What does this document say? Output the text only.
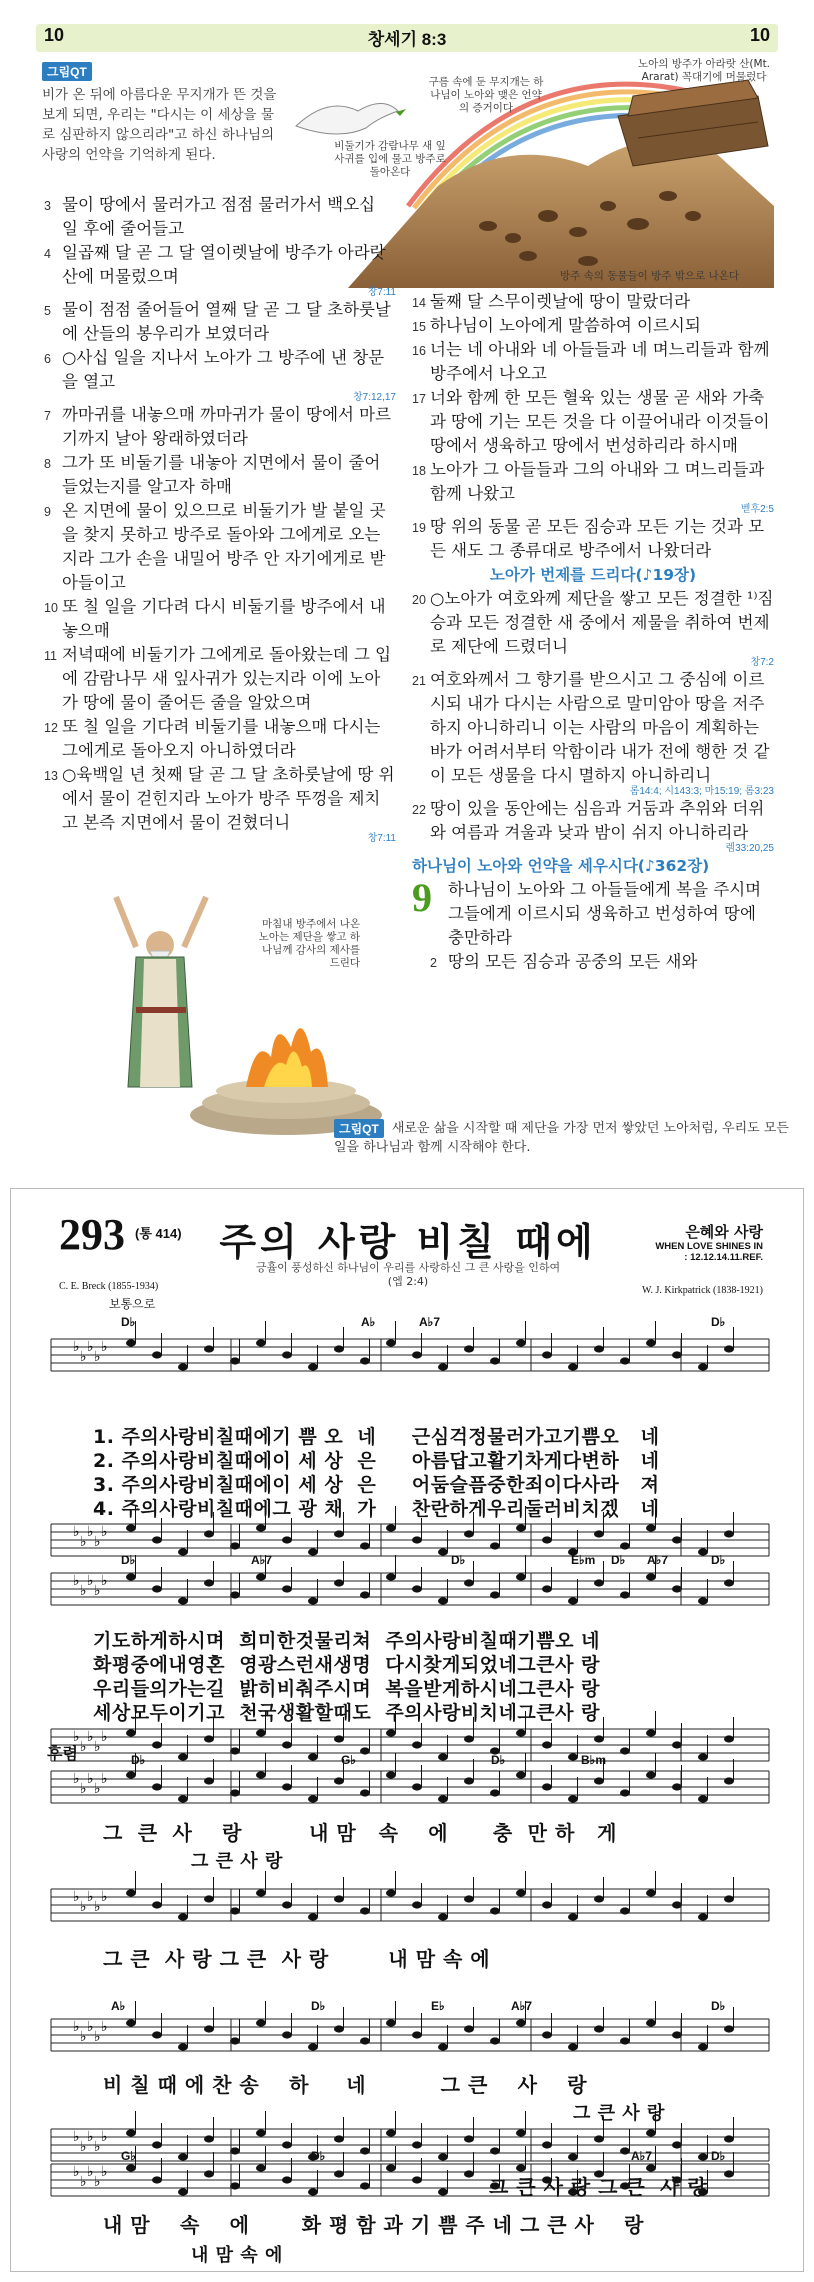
10	창세기 8:3	10
그림QT
비가 온 뒤에 아름다운 무지개가 뜬 것을 보게 되면, 우리는 "다시는 이 세상을 물로 심판하지 않으리라"고 하신 하나님의 사랑의 언약을 기억하게 된다.
노아의 방주가 아라랏 산(Mt. Ararat) 꼭대기에 머물렀다
구름 속에 둔 무지개는 하나님이 노아와 맺은 언약의 증거이다
비둘기가 감람나무 새 잎사귀를 입에 물고 방주로 돌아온다
방주 속의 동물들이 방주 밖으로 나온다
3 물이 땅에서 물러가고 점점 물러가서 백오십 일 후에 줄어들고
4 일곱째 달 곧 그 달 열이렛날에 방주가 아라랏 산에 머물렀으며
창7:11
5 물이 점점 줄어들어 열째 달 곧 그 달 초하룻날에 산들의 봉우리가 보였더라
6 ○사십 일을 지나서 노아가 그 방주에 낸 창문을 열고
창7:12,17
7 까마귀를 내놓으매 까마귀가 물이 땅에서 마르기까지 날아 왕래하였더라
8 그가 또 비둘기를 내놓아 지면에서 물이 줄어들었는지를 알고자 하매
9 온 지면에 물이 있으므로 비둘기가 발 붙일 곳을 찾지 못하고 방주로 돌아와 그에게로 오는지라 그가 손을 내밀어 방주 안 자기에게로 받아들이고
10 또 칠 일을 기다려 다시 비둘기를 방주에서 내놓으매
11 저녁때에 비둘기가 그에게로 돌아왔는데 그 입에 감람나무 새 잎사귀가 있는지라 이에 노아가 땅에 물이 줄어든 줄을 알았으며
12 또 칠 일을 기다려 비둘기를 내놓으매 다시는 그에게로 돌아오지 아니하였더라
13 ○육백일 년 첫째 달 곧 그 달 초하룻날에 땅 위에서 물이 걷힌지라 노아가 방주 뚜껑을 제치고 본즉 지면에서 물이 걷혔더니
창7:11
14 둘째 달 스무이렛날에 땅이 말랐더라
15 하나님이 노아에게 말씀하여 이르시되
16 너는 네 아내와 네 아들들과 네 며느리들과 함께 방주에서 나오고
17 너와 함께 한 모든 혈육 있는 생물 곧 새와 가축과 땅에 기는 모든 것을 다 이끌어내라 이것들이 땅에서 생육하고 땅에서 번성하리라 하시매
18 노아가 그 아들들과 그의 아내와 그 며느리들과 함께 나왔고
벧후2:5
19 땅 위의 동물 곧 모든 짐승과 모든 기는 것과 모든 새도 그 종류대로 방주에서 나왔더라
노아가 번제를 드리다(♪19장)
20 ○노아가 여호와께 제단을 쌓고 모든 정결한 ¹⁾짐승과 모든 정결한 새 중에서 제물을 취하여 번제로 제단에 드렸더니
창7:2
21 여호와께서 그 향기를 받으시고 그 중심에 이르시되 내가 다시는 사람으로 말미암아 땅을 저주하지 아니하리니 이는 사람의 마음이 계획하는 바가 어려서부터 악함이라 내가 전에 행한 것 같이 모든 생물을 다시 멸하지 아니하리니
롬14:4; 시143:3; 마15:19; 롬3:23
22 땅이 있을 동안에는 심음과 거둠과 추위와 더위와 여름과 겨울과 낮과 밤이 쉬지 아니하리라
렘33:20,25
하나님이 노아와 언약을 세우시다(♪362장)
9 하나님이 노아와 그 아들들에게 복을 주시며 그들에게 이르시되 생육하고 번성하여 땅에 충만하라
2 땅의 모든 짐승과 공중의 모든 새와
마침내 방주에서 나온 노아는 제단을 쌓고 하나님께 감사의 제사를 드린다
그림QT	새로운 삶을 시작할 때 제단을 가장 먼저 쌓았던 노아처럼, 우리도 모든 일을 하나님과 함께 시작해야 한다.
293 (통 414) 주의 사랑 비칠 때에	은혜와 사랑
WHEN LOVE SHINES IN
: 12.12.14.11.REF.
긍휼이 풍성하신 하나님이 우리를 사랑하신 그 큰 사랑을 인하여
(엡 2:4)
C. E. Breck (1855-1934)
보통으로
W. J. Kirkpatrick (1838-1921)
♭
♭
♭
♭
♭
♭
♭
♭
♭
♭
♭
♭
♭
♭
♭
♭
♭
♭
♭
♭
♭
♭
♭
♭
♭
♭
♭
♭
♭
♭
♭
♭
♭
♭
♭
♭
♭
♭
♭
♭
♭
♭
♭
♭
♭
D♭	A♭	A♭7	D♭
D♭	A♭7	D♭	E♭m D♭ A♭7	D♭
D♭	G♭	D♭	B♭m
A♭	D♭	E♭	A♭7	D♭
G♭	D♭	A♭7	D♭
1. 주의사랑비칠때에기 쁨 오  네     근심걱정물러가고기쁨오   네
2. 주의사랑비칠때에이 세 상  은     아름답고활기차게다변하   네
3. 주의사랑비칠때에이 세 상  은     어둠슬픔중한죄이다사라   져
4. 주의사랑비칠때에그 광 채  가     찬란하게우리둘러비치겠   네
기도하게하시며  희미한것물리쳐  주의사랑비칠때기쁨오 네
화평중에내영혼  영광스런새생명  다시찾게되었네그큰사 랑
우리들의가는길  밝히비춰주시며  복을받게하시네그큰사 랑
세상모두이기고  천국생활할때도  주의사랑비치네그큰사 랑
후렴
그  큰  사    랑         내 맘   속    에      충  만 하   게
그 큰 사 랑
그 큰  사 랑 그 큰  사 랑        내 맘 속 에
비 칠 때 에 찬 송    하     네          그 큰    사    랑
그 큰 사 랑
그 큰 사 랑 그 큰  사 랑
내 맘    속    에       화 평 함 과 기 쁨 주 네 그 큰 사    랑
내 맘 속 에
